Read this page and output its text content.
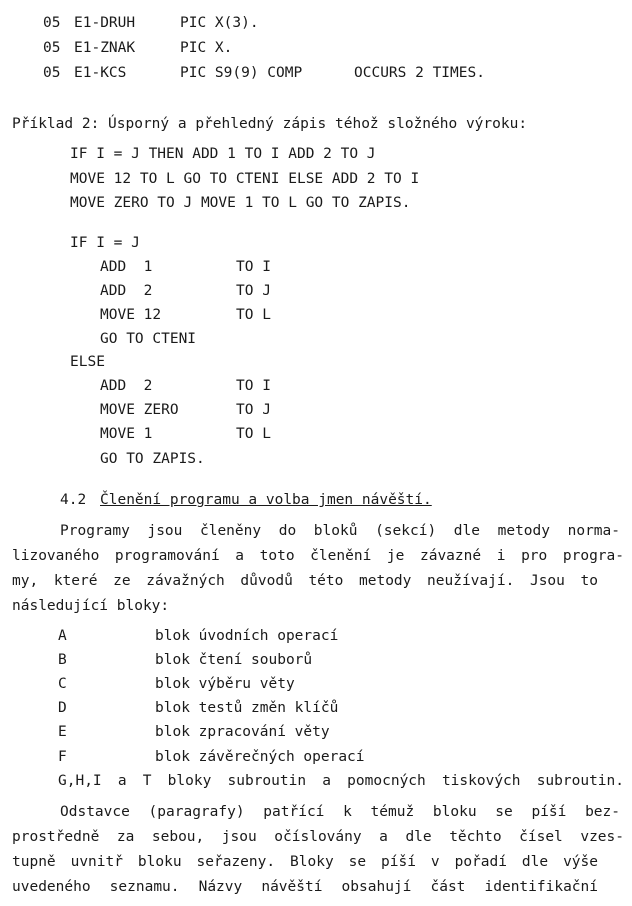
05 E1-DRUH	PIC X(3).
05 E1-ZNAK	PIC X.
05 E1-KCS	PIC S9(9) COMP	OCCURS 2 TIMES.
Příklad 2: Úsporný a přehledný zápis téhož složného výroku:
IF I = J THEN ADD 1 TO I ADD 2 TO J
MOVE 12 TO L GO TO CTENI ELSE ADD 2 TO I
MOVE ZERO TO J MOVE 1 TO L GO TO ZAPIS.
IF I = J
ADD  1	TO I
ADD  2	TO J
MOVE 12	TO L
GO TO CTENI
ELSE
ADD  2	TO I
MOVE ZERO	TO J
MOVE 1	TO L
GO TO ZAPIS.
4.2 Členění programu a volba jmen návěští.
Programy jsou členěny do bloků (sekcí) dle metody norma-
lizovaného programování a toto členění je závazné i pro progra-
my, které ze závažných důvodů této metody neužívají. Jsou to
následující bloky:
A	blok úvodních operací
B	blok čtení souborů
C	blok výběru věty
D	blok testů změn klíčů
E	blok zpracování věty
F	blok závěrečných operací
G,H,I a T bloky subroutin a pomocných tiskových subroutin.
Odstavce (paragrafy) patřící k témuž bloku se píší bez-
prostředně za sebou, jsou očíslovány a dle těchto čísel vzes-
tupně uvnitř bloku seřazeny. Bloky se píší v pořadí dle výše
uvedeného seznamu. Názvy návěští obsahují část identifikační
